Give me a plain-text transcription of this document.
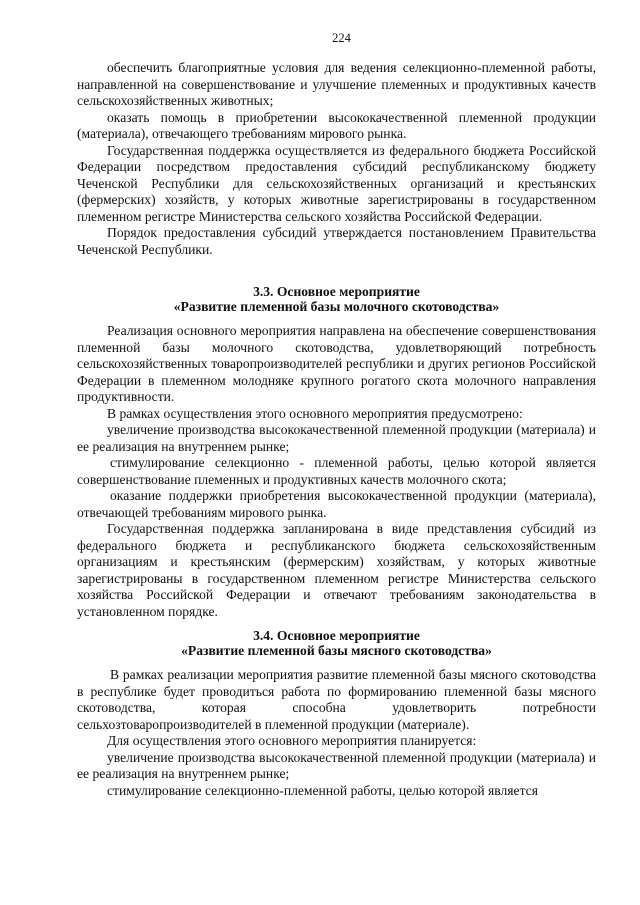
224

обеспечить благоприятные условия для ведения селекционно-племенной работы, направленной на совершенствование и улучшение племенных и продуктивных качеств сельскохозяйственных животных;

оказать помощь в приобретении высококачественной племенной продукции (материала), отвечающего требованиям мирового рынка.

Государственная поддержка осуществляется из федерального бюджета Российской Федерации посредством предоставления субсидий республиканскому бюджету Чеченской Республики для сельскохозяйственных организаций и крестьянских (фермерских) хозяйств, у которых животные зарегистрированы в государственном племенном регистре Министерства сельского хозяйства Российской Федерации.

Порядок предоставления субсидий утверждается постановлением Правительства Чеченской Республики.

3.3. Основное мероприятие
«Развитие племенной базы молочного скотоводства»

Реализация основного мероприятия направлена на обеспечение совершенствования племенной базы молочного скотоводства, удовлетворяющий потребность сельскохозяйственных товаропроизводителей республики и других регионов Российской Федерации в племенном молодняке крупного рогатого скота молочного направления продуктивности.

В рамках осуществления этого основного мероприятия предусмотрено:

увеличение производства высококачественной племенной продукции (материала) и ее реализация на внутреннем рынке;

стимулирование селекционно - племенной работы, целью которой является совершенствование племенных и продуктивных качеств молочного скота;

оказание поддержки приобретения высококачественной продукции (материала), отвечающей требованиям мирового рынка.

Государственная поддержка запланирована в виде представления субсидий из федерального бюджета и республиканского бюджета сельскохозяйственным организациям и крестьянским (фермерским) хозяйствам, у которых животные зарегистрированы в государственном племенном регистре Министерства сельского хозяйства Российской Федерации и отвечают требованиям законодательства в установленном порядке.

3.4. Основное мероприятие
«Развитие племенной базы мясного скотоводства»

В рамках реализации мероприятия развитие племенной базы мясного скотоводства в республике будет проводиться работа по формированию племенной базы мясного скотоводства, которая способна удовлетворить потребности сельхозтоваропроизводителей в племенной продукции (материале).

Для осуществления этого основного мероприятия планируется:

увеличение производства высококачественной племенной продукции (материала) и ее реализация на внутреннем рынке;

стимулирование селекционно-племенной работы, целью которой является
